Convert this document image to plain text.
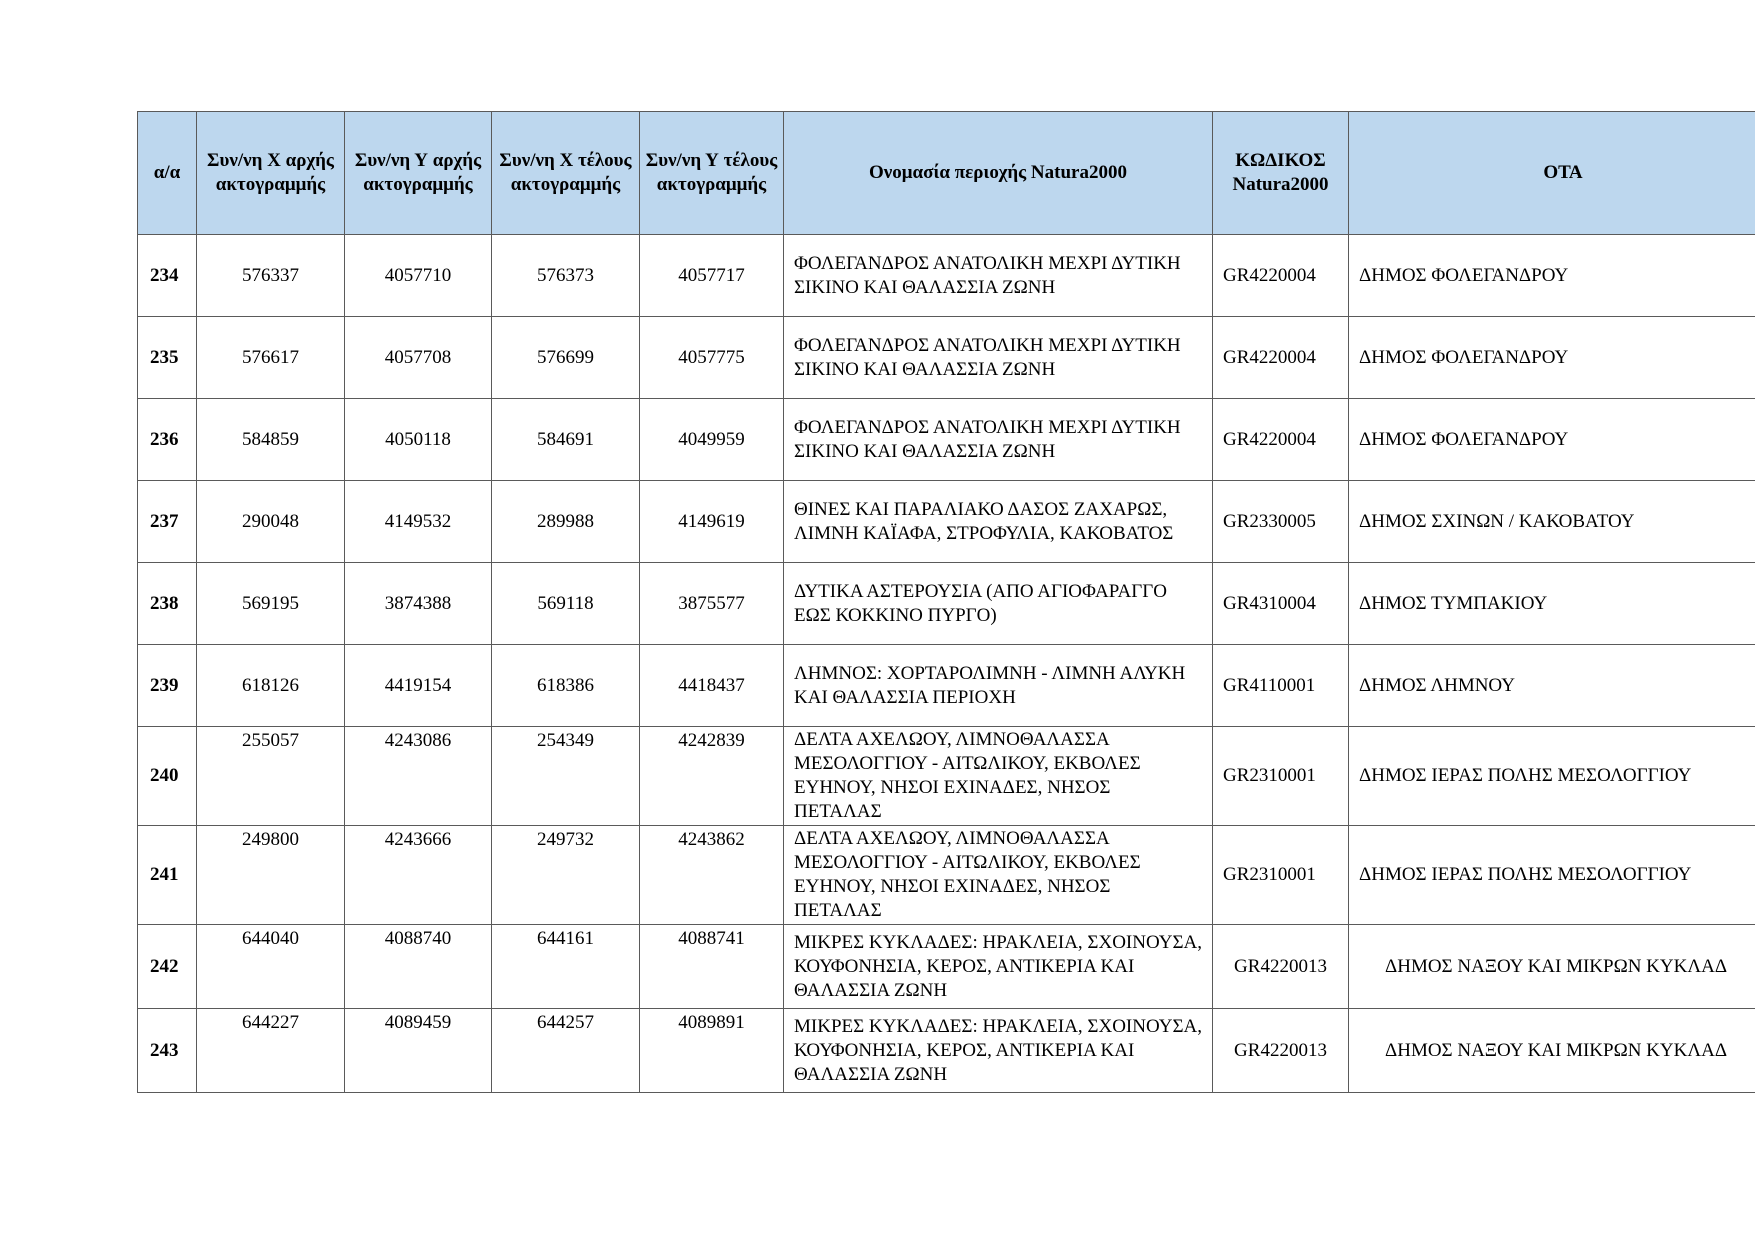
α/α	Συν/νη Χ αρχής ακτογραμμής	Συν/νη Υ αρχής ακτογραμμής	Συν/νη Χ τέλους ακτογραμμής	Συν/νη Υ τέλους ακτογραμμής	Ονομασία περιοχής Natura2000	ΚΩΔΙΚΟΣ Natura2000	ΟΤΑ
234	576337	4057710	576373	4057717	ΦΟΛΕΓΑΝΔΡΟΣ ΑΝΑΤΟΛΙΚΗ ΜΕΧΡΙ ΔΥΤΙΚΗ ΣΙΚΙΝΟ ΚΑΙ ΘΑΛΑΣΣΙΑ ΖΩΝΗ	GR4220004	ΔΗΜΟΣ ΦΟΛΕΓΑΝΔΡΟΥ
235	576617	4057708	576699	4057775	ΦΟΛΕΓΑΝΔΡΟΣ ΑΝΑΤΟΛΙΚΗ ΜΕΧΡΙ ΔΥΤΙΚΗ ΣΙΚΙΝΟ ΚΑΙ ΘΑΛΑΣΣΙΑ ΖΩΝΗ	GR4220004	ΔΗΜΟΣ ΦΟΛΕΓΑΝΔΡΟΥ
236	584859	4050118	584691	4049959	ΦΟΛΕΓΑΝΔΡΟΣ ΑΝΑΤΟΛΙΚΗ ΜΕΧΡΙ ΔΥΤΙΚΗ ΣΙΚΙΝΟ ΚΑΙ ΘΑΛΑΣΣΙΑ ΖΩΝΗ	GR4220004	ΔΗΜΟΣ ΦΟΛΕΓΑΝΔΡΟΥ
237	290048	4149532	289988	4149619	ΘΙΝΕΣ ΚΑΙ ΠΑΡΑΛΙΑΚΟ ΔΑΣΟΣ ΖΑΧΑΡΩΣ, ΛΙΜΝΗ ΚΑΪΑΦΑ, ΣΤΡΟΦΥΛΙΑ, ΚΑΚΟΒΑΤΟΣ	GR2330005	ΔΗΜΟΣ ΣΧΙΝΩΝ / ΚΑΚΟΒΑΤΟΥ
238	569195	3874388	569118	3875577	ΔΥΤΙΚΑ ΑΣΤΕΡΟΥΣΙΑ (ΑΠΟ ΑΓΙΟΦΑΡΑΓΓΟ ΕΩΣ ΚΟΚΚΙΝΟ ΠΥΡΓΟ)	GR4310004	ΔΗΜΟΣ ΤΥΜΠΑΚΙΟΥ
239	618126	4419154	618386	4418437	ΛΗΜΝΟΣ: ΧΟΡΤΑΡΟΛΙΜΝΗ - ΛΙΜΝΗ ΑΛΥΚΗ ΚΑΙ ΘΑΛΑΣΣΙΑ ΠΕΡΙΟΧΗ	GR4110001	ΔΗΜΟΣ ΛΗΜΝΟΥ
240	255057	4243086	254349	4242839	ΔΕΛΤΑ ΑΧΕΛΩΟΥ, ΛΙΜΝΟΘΑΛΑΣΣΑ ΜΕΣΟΛΟΓΓΙΟΥ - ΑΙΤΩΛΙΚΟΥ, ΕΚΒΟΛΕΣ ΕΥΗΝΟΥ, ΝΗΣΟΙ ΕΧΙΝΑΔΕΣ, ΝΗΣΟΣ ΠΕΤΑΛΑΣ	GR2310001	ΔΗΜΟΣ ΙΕΡΑΣ ΠΟΛΗΣ ΜΕΣΟΛΟΓΓΙΟΥ
241	249800	4243666	249732	4243862	ΔΕΛΤΑ ΑΧΕΛΩΟΥ, ΛΙΜΝΟΘΑΛΑΣΣΑ ΜΕΣΟΛΟΓΓΙΟΥ - ΑΙΤΩΛΙΚΟΥ, ΕΚΒΟΛΕΣ ΕΥΗΝΟΥ, ΝΗΣΟΙ ΕΧΙΝΑΔΕΣ, ΝΗΣΟΣ ΠΕΤΑΛΑΣ	GR2310001	ΔΗΜΟΣ ΙΕΡΑΣ ΠΟΛΗΣ ΜΕΣΟΛΟΓΓΙΟΥ
242	644040	4088740	644161	4088741	ΜΙΚΡΕΣ ΚΥΚΛΑΔΕΣ: ΗΡΑΚΛΕΙΑ, ΣΧΟΙΝΟΥΣΑ, ΚΟΥΦΟΝΗΣΙΑ, ΚΕΡΟΣ, ΑΝΤΙΚΕΡΙΑ ΚΑΙ ΘΑΛΑΣΣΙΑ ΖΩΝΗ	GR4220013	ΔΗΜΟΣ ΝΑΞΟΥ ΚΑΙ ΜΙΚΡΩΝ ΚΥΚΛΑΔ
243	644227	4089459	644257	4089891	ΜΙΚΡΕΣ ΚΥΚΛΑΔΕΣ: ΗΡΑΚΛΕΙΑ, ΣΧΟΙΝΟΥΣΑ, ΚΟΥΦΟΝΗΣΙΑ, ΚΕΡΟΣ, ΑΝΤΙΚΕΡΙΑ ΚΑΙ ΘΑΛΑΣΣΙΑ ΖΩΝΗ	GR4220013	ΔΗΜΟΣ ΝΑΞΟΥ ΚΑΙ ΜΙΚΡΩΝ ΚΥΚΛΑΔ
